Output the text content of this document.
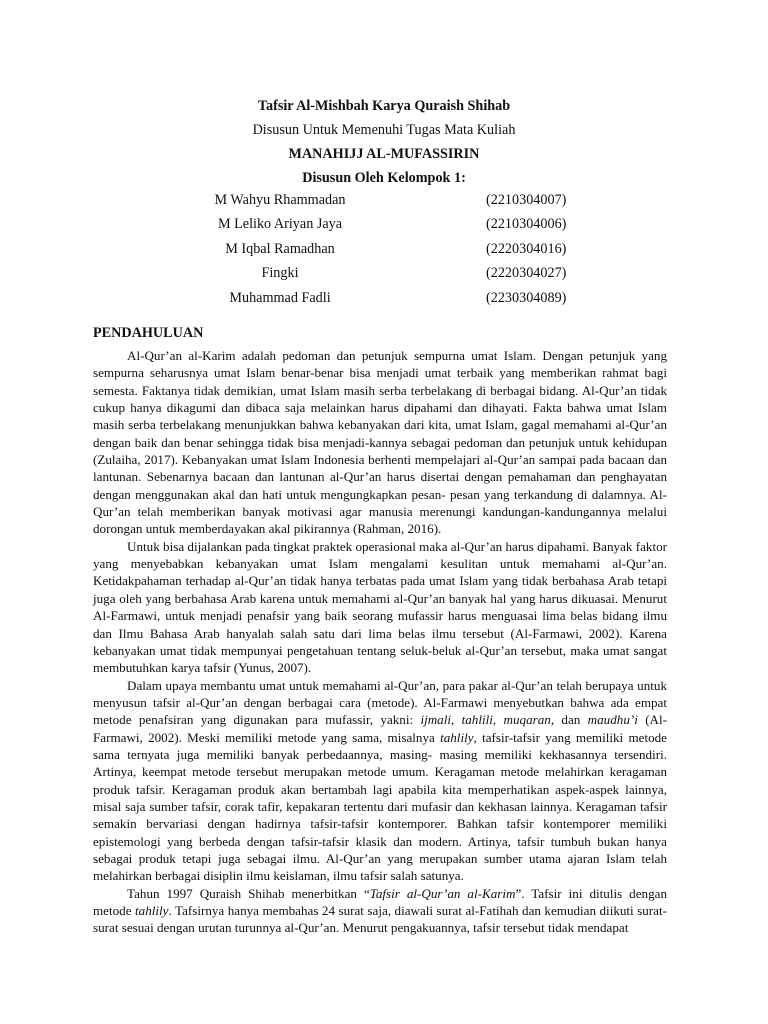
Tafsir Al-Mishbah Karya Quraish Shihab
Disusun Untuk Memenuhi Tugas Mata Kuliah
MANAHIJJ AL-MUFASSIRIN
Disusun Oleh Kelompok 1:
M Wahyu Rhammadan	(2210304007)
M Leliko Ariyan Jaya	(2210304006)
M Iqbal Ramadhan	(2220304016)
Fingki	(2220304027)
Muhammad Fadli	(2230304089)
PENDAHULUAN

Al-Qur’an al-Karim adalah pedoman dan petunjuk sempurna umat Islam. Dengan petunjuk yang sempurna seharusnya umat Islam benar-benar bisa menjadi umat terbaik yang memberikan rahmat bagi semesta. Faktanya tidak demikian, umat Islam masih serba terbelakang di berbagai bidang. Al-Qur’an tidak cukup hanya dikagumi dan dibaca saja melainkan harus dipahami dan dihayati. Fakta bahwa umat Islam masih serba terbelakang menunjukkan bahwa kebanyakan dari kita, umat Islam, gagal memahami al-Qur’an dengan baik dan benar sehingga tidak bisa menjadi-kannya sebagai pedoman dan petunjuk untuk kehidupan (Zulaiha, 2017). Kebanyakan umat Islam Indonesia berhenti mempelajari al-Qur’an sampai pada bacaan dan lantunan. Sebenarnya bacaan dan lantunan al-Qur’an harus disertai dengan pemahaman dan penghayatan dengan menggunakan akal dan hati untuk mengungkapkan pesan- pesan yang terkandung di dalamnya. Al-Qur’an telah memberikan banyak motivasi agar manusia merenungi kandungan-kandungannya melalui dorongan untuk memberdayakan akal pikirannya (Rahman, 2016).

Untuk bisa dijalankan pada tingkat praktek operasional maka al-Qur’an harus dipahami. Banyak faktor yang menyebabkan kebanyakan umat Islam mengalami kesulitan untuk memahami al-Qur’an. Ketidakpahaman terhadap al-Qur’an tidak hanya terbatas pada umat Islam yang tidak berbahasa Arab tetapi juga oleh yang berbahasa Arab karena untuk memahami al-Qur’an banyak hal yang harus dikuasai. Menurut Al-Farmawi, untuk menjadi penafsir yang baik seorang mufassir harus menguasai lima belas bidang ilmu dan Ilmu Bahasa Arab hanyalah salah satu dari lima belas ilmu tersebut (Al-Farmawi, 2002). Karena kebanyakan umat tidak mempunyai pengetahuan tentang seluk-beluk al-Qur’an tersebut, maka umat sangat membutuhkan karya tafsir (Yunus, 2007).

Dalam upaya membantu umat untuk memahami al-Qur’an, para pakar al-Qur’an telah berupaya untuk menyusun tafsir al-Qur’an dengan berbagai cara (metode). Al-Farmawi menyebutkan bahwa ada empat metode penafsiran yang digunakan para mufassir, yakni: ijmali, tahlili, muqaran, dan maudhu’i (Al-Farmawi, 2002). Meski memiliki metode yang sama, misalnya tahlily, tafsir-tafsir yang memiliki metode sama ternyata juga memiliki banyak perbedaannya, masing- masing memiliki kekhasannya tersendiri. Artinya, keempat metode tersebut merupakan metode umum. Keragaman metode melahirkan keragaman produk tafsir. Keragaman produk akan bertambah lagi apabila kita memperhatikan aspek-aspek lainnya, misal saja sumber tafsir, corak tafir, kepakaran tertentu dari mufasir dan kekhasan lainnya. Keragaman tafsir semakin bervariasi dengan hadirnya tafsir-tafsir kontemporer. Bahkan tafsir kontemporer memiliki epistemologi yang berbeda dengan tafsir-tafsir klasik dan modern. Artinya, tafsir tumbuh bukan hanya sebagai produk tetapi juga sebagai ilmu. Al-Qur’an yang merupakan sumber utama ajaran Islam telah melahirkan berbagai disiplin ilmu keislaman, ilmu tafsir salah satunya.

Tahun 1997 Quraish Shihab menerbitkan “Tafsir al-Qur’an al-Karim”. Tafsir ini ditulis dengan metode tahlily. Tafsirnya hanya membahas 24 surat saja, diawali surat al-Fatihah dan kemudian diikuti surat-surat sesuai dengan urutan turunnya al-Qur’an. Menurut pengakuannya, tafsir tersebut tidak mendapat
